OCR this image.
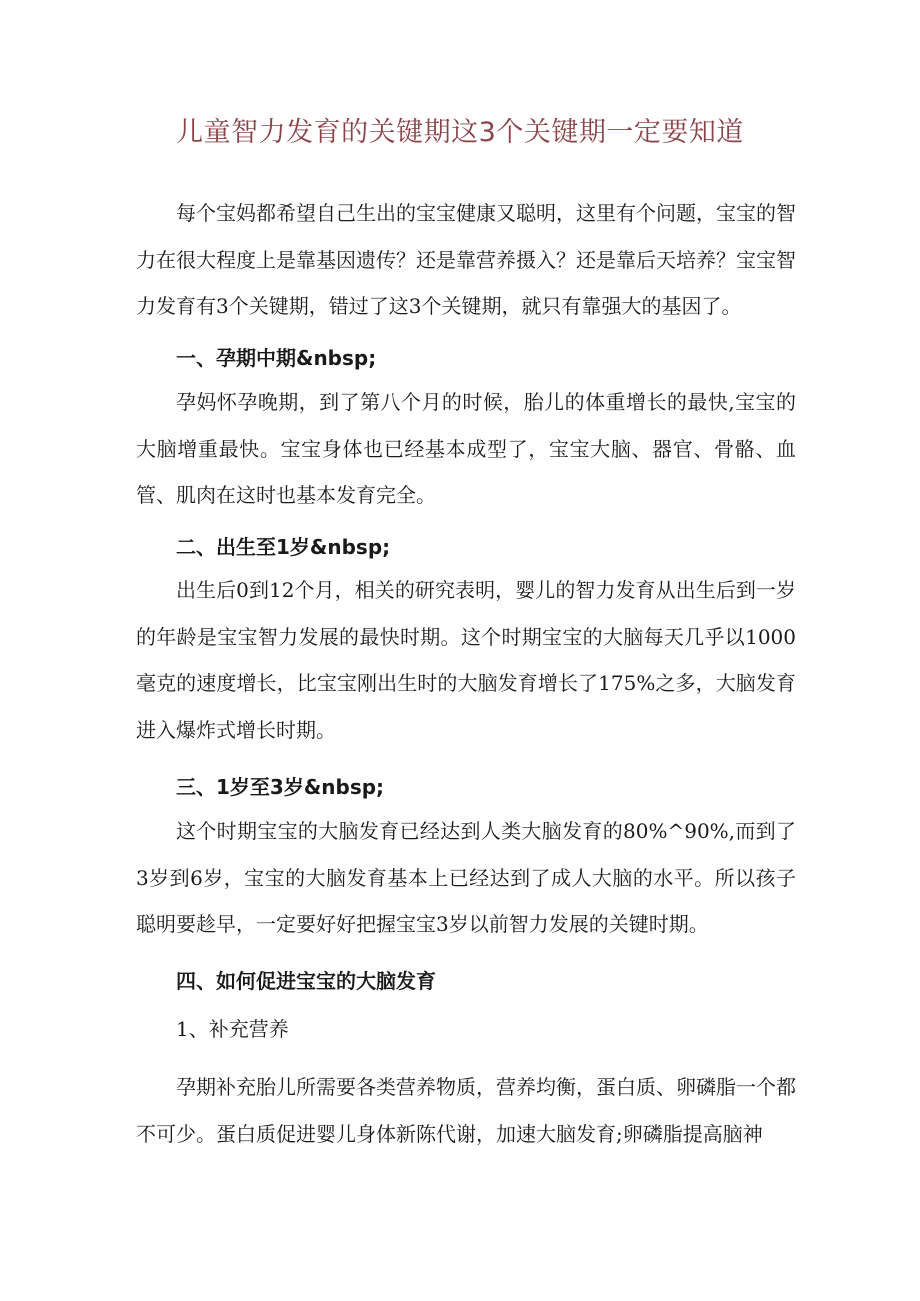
儿童智力发育的关键期这3个关键期一定要知道

每个宝妈都希望自己生出的宝宝健康又聪明，这里有个问题，宝宝的智力在很大程度上是靠基因遗传？还是靠营养摄入？还是靠后天培养？宝宝智力发育有3个关键期，错过了这3个关键期，就只有靠强大的基因了。

一、孕期中期&nbsp;

孕妈怀孕晚期，到了第八个月的时候，胎儿的体重增长的最快,宝宝的大脑增重最快。宝宝身体也已经基本成型了，宝宝大脑、器官、骨骼、血管、肌肉在这时也基本发育完全。

二、出生至1岁&nbsp;

出生后0到12个月，相关的研究表明，婴儿的智力发育从出生后到一岁的年龄是宝宝智力发展的最快时期。这个时期宝宝的大脑每天几乎以1000毫克的速度增长，比宝宝刚出生时的大脑发育增长了175%之多，大脑发育进入爆炸式增长时期。

三、1岁至3岁&nbsp;

这个时期宝宝的大脑发育已经达到人类大脑发育的80%^90%,而到了3岁到6岁，宝宝的大脑发育基本上已经达到了成人大脑的水平。所以孩子聪明要趁早，一定要好好把握宝宝3岁以前智力发展的关键时期。

四、如何促进宝宝的大脑发育
1、补充营养

孕期补充胎儿所需要各类营养物质，营养均衡，蛋白质、卵磷脂一个都不可少。蛋白质促进婴儿身体新陈代谢，加速大脑发育;卵磷脂提高脑神
